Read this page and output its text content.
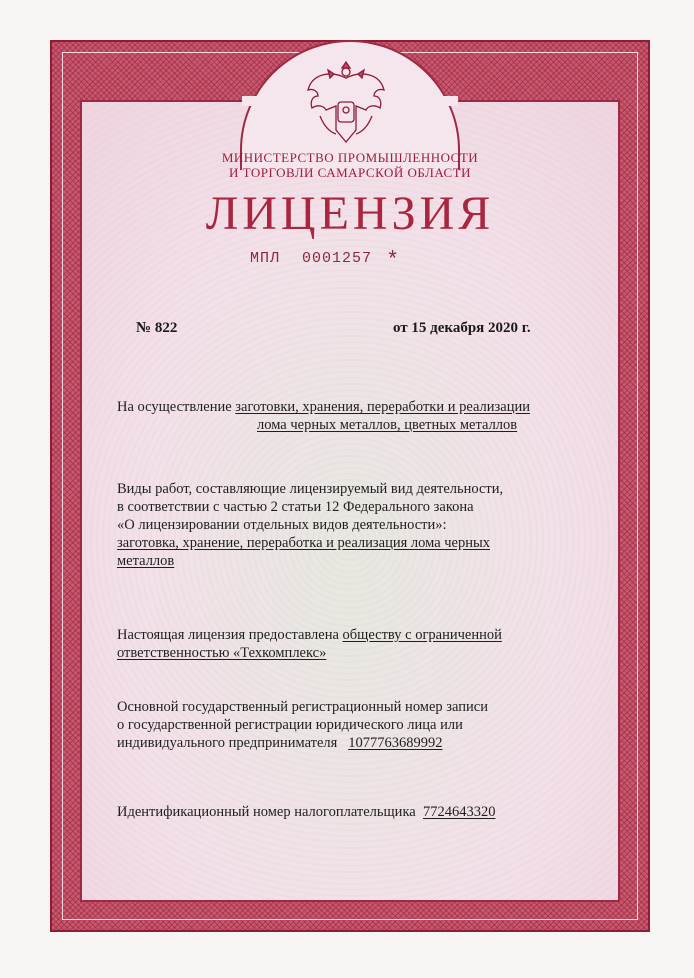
МИНИСТЕРСТВО ПРОМЫШЛЕННОСТИ
И ТОРГОВЛИ САМАРСКОЙ ОБЛАСТИ
ЛИЦЕНЗИЯ
МПЛ 0001257 *
№ 822	от 15 декабря 2020 г.
На осуществление заготовки, хранения, переработки и реализации
лома черных металлов, цветных металлов
Виды работ, составляющие лицензируемый вид деятельности,
в соответствии с частью 2 статьи 12 Федерального закона
«О лицензировании отдельных видов деятельности»:
заготовка, хранение, переработка и реализация лома черных
металлов
Настоящая лицензия предоставлена обществу с ограниченной ответственностью «Техкомплекс»
Основной государственный регистрационный номер записи
о государственной регистрации юридического лица или
индивидуального предпринимателя 1077763689992
Идентификационный номер налогоплательщика 7724643320
